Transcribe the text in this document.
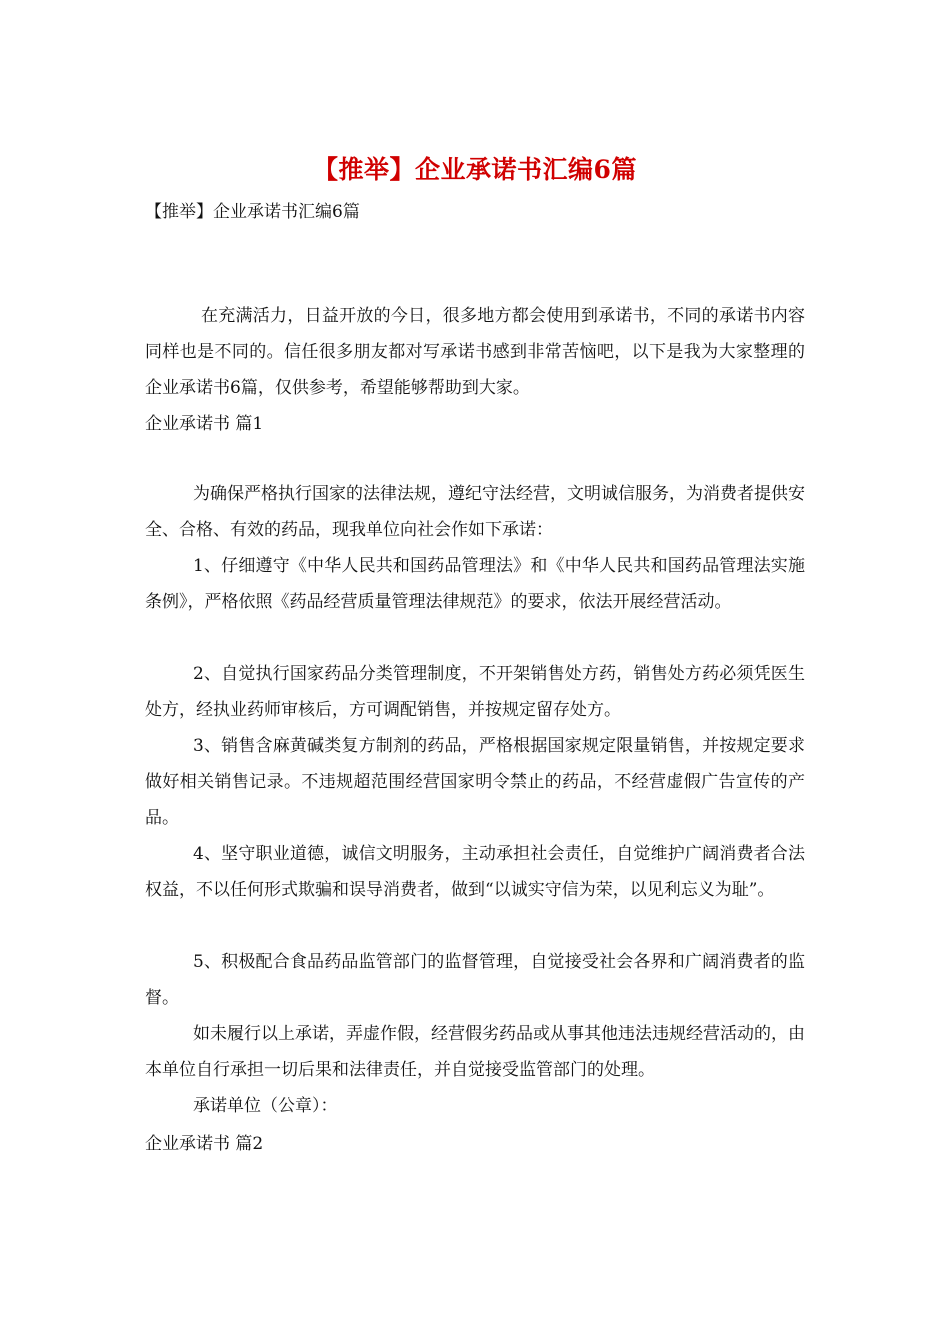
【推举】企业承诺书汇编6篇
【推举】企业承诺书汇编6篇
在充满活力，日益开放的今日，很多地方都会使用到承诺书，不同的承诺书内容同样也是不同的。信任很多朋友都对写承诺书感到非常苦恼吧，以下是我为大家整理的企业承诺书6篇，仅供参考，希望能够帮助到大家。
企业承诺书 篇1
为确保严格执行国家的法律法规，遵纪守法经营，文明诚信服务，为消费者提供安全、合格、有效的药品，现我单位向社会作如下承诺：
1、仔细遵守《中华人民共和国药品管理法》和《中华人民共和国药品管理法实施条例》，严格依照《药品经营质量管理法律规范》的要求，依法开展经营活动。
2、自觉执行国家药品分类管理制度，不开架销售处方药，销售处方药必须凭医生处方，经执业药师审核后，方可调配销售，并按规定留存处方。
3、销售含麻黄碱类复方制剂的药品，严格根据国家规定限量销售，并按规定要求做好相关销售记录。不违规超范围经营国家明令禁止的药品，不经营虚假广告宣传的产品。
4、坚守职业道德，诚信文明服务，主动承担社会责任，自觉维护广阔消费者合法权益，不以任何形式欺骗和误导消费者，做到“以诚实守信为荣，以见利忘义为耻”。
5、积极配合食品药品监管部门的监督管理，自觉接受社会各界和广阔消费者的监督。
如未履行以上承诺，弄虚作假，经营假劣药品或从事其他违法违规经营活动的，由本单位自行承担一切后果和法律责任，并自觉接受监管部门的处理。
承诺单位（公章）：
企业承诺书 篇2
